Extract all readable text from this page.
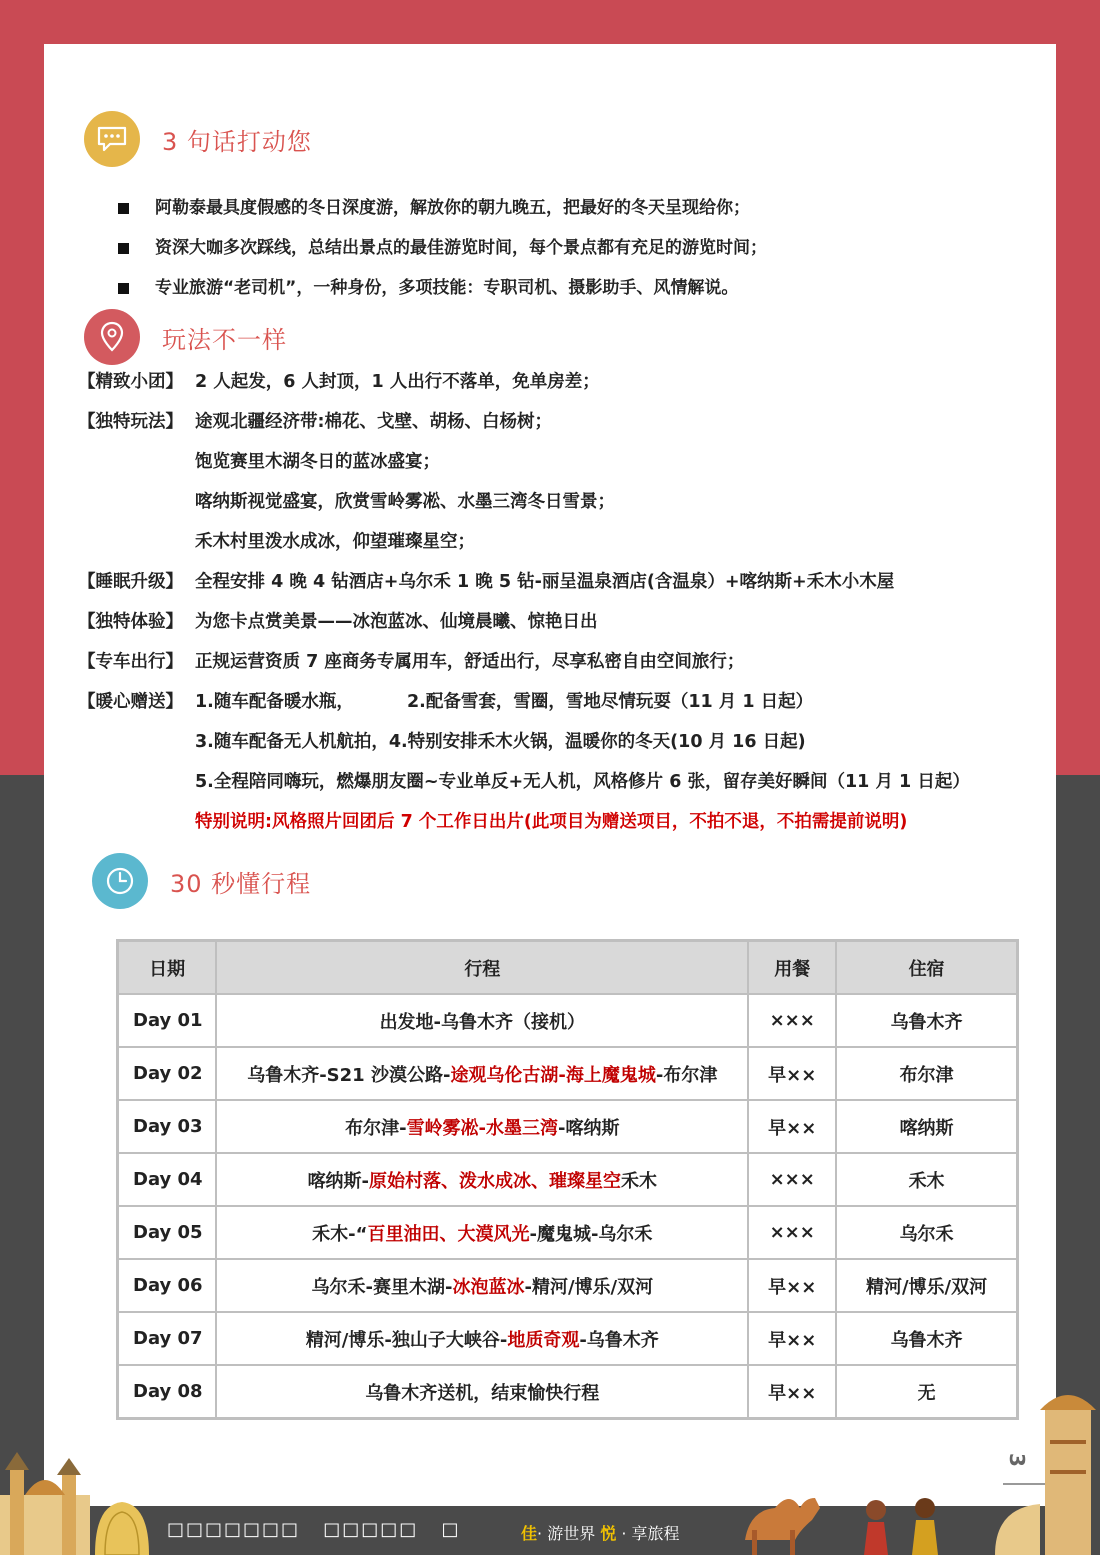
3 句话打动您
阿勒泰最具度假感的冬日深度游，解放你的朝九晚五，把最好的冬天呈现给你；
资深大咖多次踩线，总结出景点的最佳游览时间，每个景点都有充足的游览时间；
专业旅游“老司机”，一种身份，多项技能：专职司机、摄影助手、风情解说。
玩法不一样
【精致小团】 2 人起发，6 人封顶，1 人出行不落单，免单房差；
【独特玩法】 途观北疆经济带:棉花、戈壁、胡杨、白杨树；
饱览赛里木湖冬日的蓝冰盛宴；
喀纳斯视觉盛宴，欣赏雪岭雾凇、水墨三湾冬日雪景；
禾木村里泼水成冰，仰望璀璨星空；
【睡眠升级】 全程安排 4 晚 4 钻酒店+乌尔禾 1 晚 5 钻-丽呈温泉酒店(含温泉）+喀纳斯+禾木小木屋
【独特体验】 为您卡点赏美景——冰泡蓝冰、仙境晨曦、惊艳日出
【专车出行】 正规运营资质 7 座商务专属用车，舒适出行，尽享私密自由空间旅行；
【暖心赠送】 1.随车配备暖水瓶，	2.配备雪套，雪圈，雪地尽情玩耍（11 月 1 日起）
3.随车配备无人机航拍，4.特别安排禾木火锅，温暖你的冬天(10 月 16 日起)
5.全程陪同嗨玩，燃爆朋友圈~专业单反+无人机，风格修片 6 张，留存美好瞬间（11 月 1 日起）
特别说明:风格照片回团后 7 个工作日出片(此项目为赠送项目，不拍不退，不拍需提前说明)
30 秒懂行程
日期	行程	用餐	住宿
Day 01	出发地-乌鲁木齐（接机）	×××	乌鲁木齐
Day 02	乌鲁木齐-S21 沙漠公路-途观乌伦古湖-海上魔鬼城-布尔津	早××	布尔津
Day 03	布尔津-雪岭雾凇-水墨三湾-喀纳斯	早××	喀纳斯
Day 04	喀纳斯-原始村落、泼水成冰、璀璨星空禾木	×××	禾木
Day 05	禾木-“百里油田、大漠风光-魔鬼城-乌尔禾	×××	乌尔禾
Day 06	乌尔禾-赛里木湖-冰泡蓝冰-精河/博乐/双河	早××	精河/博乐/双河
Day 07	精河/博乐-独山子大峡谷-地质奇观-乌鲁木齐	早××	乌鲁木齐
Day 08	乌鲁木齐送机，结束愉快行程	早××	无
3
□□□□□□□ □□□□□ □	佳· 游世界 悦 · 享旅程
